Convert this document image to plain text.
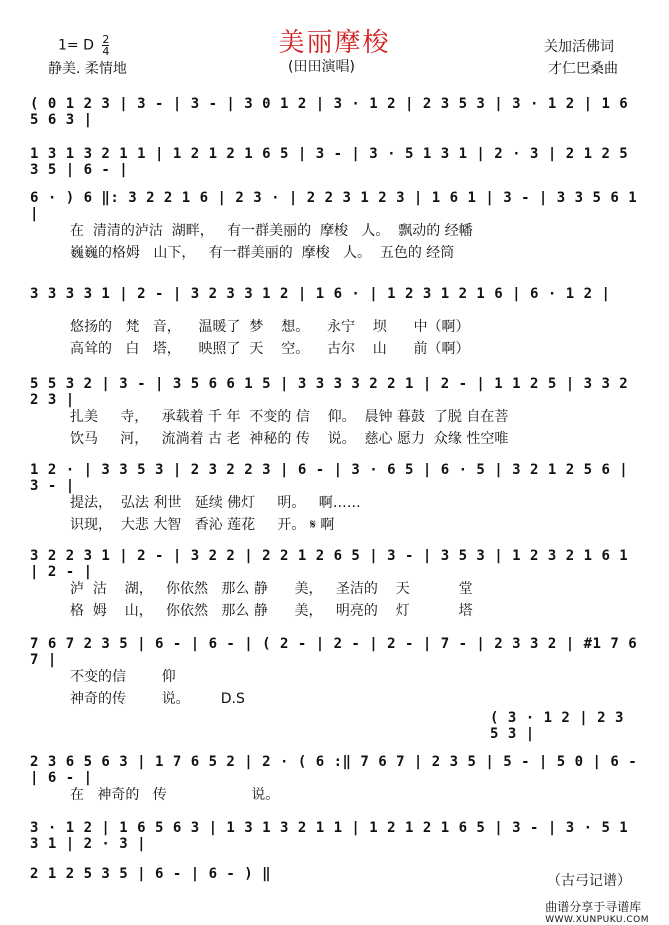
美丽摩梭
1= D $\frac{2}{4}$
静美. 柔情地	(田田演唱)
关加活佛词
才仁巴桑曲
( 0 1 2 3 | 3 - | 3 - | 3 0 1 2 | 3 · 1 2 | 2 3 5 3 | 3 · 1 2 | 1 6 5 6 3 |
1 3 1 3 2 1 1 | 1 2 1 2 1 6 5 | 3 - | 3 · 5 1 3 1 | 2 · 3 | 2 1 2 5 3 5 | 6 - |
6 · ) 6 ‖: 3 2 2 1 6 | 2 3 · | 2 2 3 1 2 3 | 1 6 1 | 3 - | 3 3 5 6 1 |
在  清清的泸沽  湖畔，   有一群美丽的  摩梭   人。  飘动的 经幡
巍巍的格姆   山下，   有一群美丽的  摩梭   人。  五色的 经筒
3 3 3 3 1 | 2 - | 3 2 3 3 1 2 | 1 6 · | 1 2 3 1 2 1 6 | 6 · 1 2 |
悠扬的   梵   音，    温暖了  梦    想。    永宁    坝      中（啊）
高耸的   白   塔，    映照了  天    空。    古尔    山      前（啊）
5 5 3 2 | 3 - | 3 5 6 6 1 5 | 3 3 3 3 2 2 1 | 2 - | 1 1 2 5 | 3 3 2 2 3 |
扎美     寺，   承载着 千 年  不变的 信    仰。  晨钟 暮鼓  了脱 自在菩
饮马     河，   流淌着 古 老  神秘的 传    说。  慈心 愿力  众缘 性空唯
1 2 · | 3 3 5 3 | 2 3 2 2 3 | 6 - | 3 · 6 5 | 6 · 5 | 3 2 1 2 5 6 | 3 - |
提法，  弘法 利世   延续 佛灯     明。   啊……
识现，  大悲 大智   香沁 莲花     开。 𝄋 啊
3 2 2 3 1 | 2 - | 3 2 2 | 2 2 1 2 6 5 | 3 - | 3 5 3 | 1 2 3 2 1 6 1 | 2 - |
泸  沽    湖，   你依然   那么 静      美，   圣洁的    天           堂
格  姆    山，   你依然   那么 静      美，   明亮的    灯           塔
7 6 7 2 3 5 | 6 - | 6 - | ( 2 - | 2 - | 2 - | 7 - | 2 3 3 2 | #1 7 6 7 |
不变的信        仰
神奇的传        说。       D.S
( 3 · 1 2 | 2 3 5 3 |
2 3 6 5 6 3 | 1 7 6 5 2 | 2 · ( 6 :‖ 7 6 7 | 2 3 5 | 5 - | 5 0 | 6 - | 6 - |
在   神奇的   传                   说。
3 · 1 2 | 1 6 5 6 3 | 1 3 1 3 2 1 1 | 1 2 1 2 1 6 5 | 3 - | 3 · 5 1 3 1 | 2 · 3 |
2 1 2 5 3 5 | 6 - | 6 - ) ‖	（古弓记谱）
曲谱分享于寻谱库
WWW.XUNPUKU.COM
